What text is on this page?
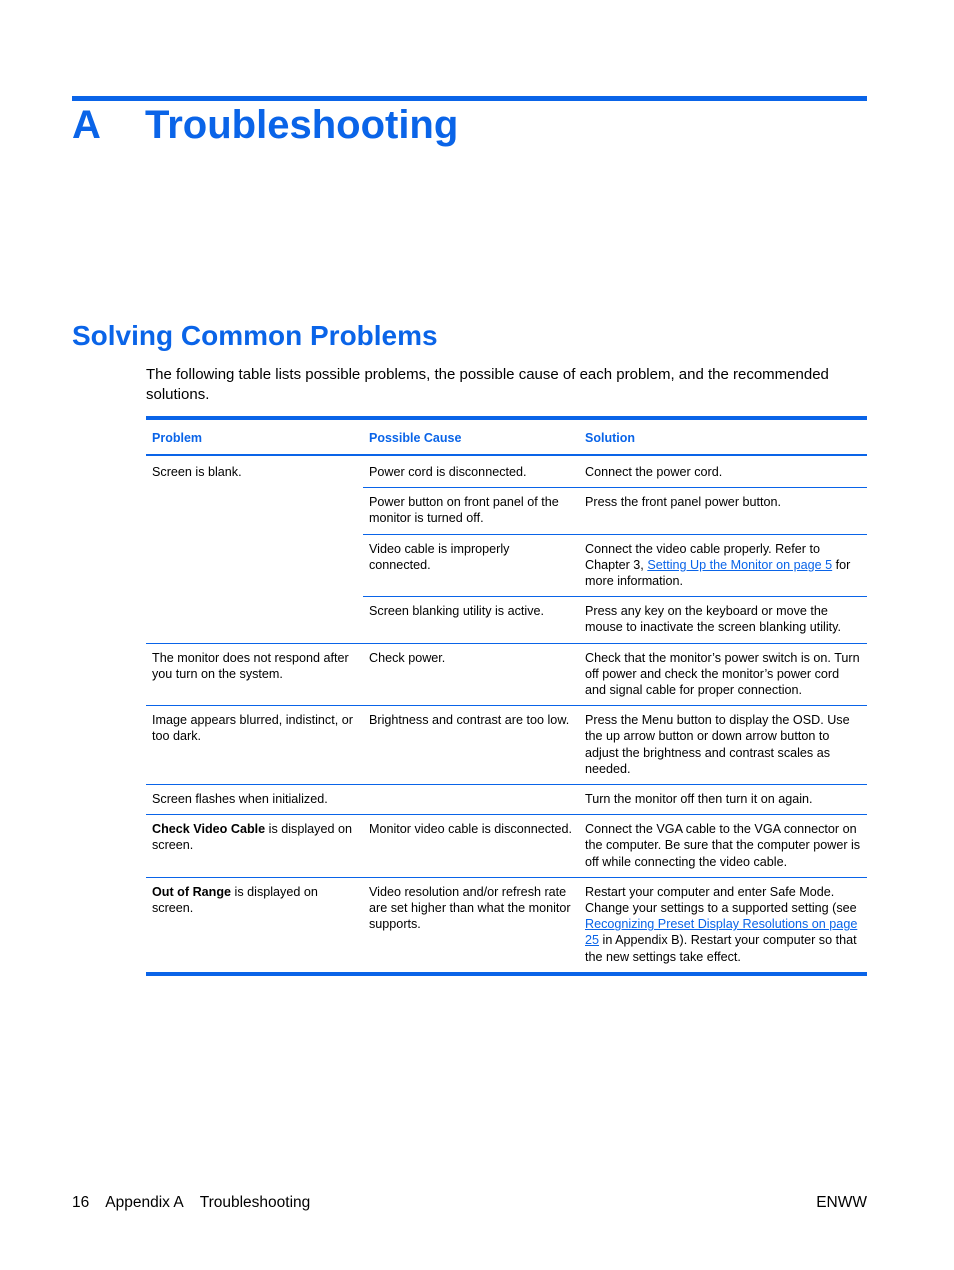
A Troubleshooting
Solving Common Problems
The following table lists possible problems, the possible cause of each problem, and the recommended solutions.
Problem	Possible Cause	Solution
Screen is blank.	Power cord is disconnected.	Connect the power cord.
	Power button on front panel of the monitor is turned off.	Press the front panel power button.
	Video cable is improperly connected.	Connect the video cable properly. Refer to Chapter 3, Setting Up the Monitor on page 5 for more information.
	Screen blanking utility is active.	Press any key on the keyboard or move the mouse to inactivate the screen blanking utility.
The monitor does not respond after you turn on the system.	Check power.	Check that the monitor’s power switch is on. Turn off power and check the monitor’s power cord and signal cable for proper connection.
Image appears blurred, indistinct, or too dark.	Brightness and contrast are too low.	Press the Menu button to display the OSD. Use the up arrow button or down arrow button to adjust the brightness and contrast scales as needed.
Screen flashes when initialized.		Turn the monitor off then turn it on again.
Check Video Cable is displayed on screen.	Monitor video cable is disconnected.	Connect the VGA cable to the VGA connector on the computer. Be sure that the computer power is off while connecting the video cable.
Out of Range is displayed on screen.	Video resolution and/or refresh rate are set higher than what the monitor supports.	Restart your computer and enter Safe Mode. Change your settings to a supported setting (see Recognizing Preset Display Resolutions on page 25 in Appendix B). Restart your computer so that the new settings take effect.
16 Appendix A Troubleshooting	ENWW
